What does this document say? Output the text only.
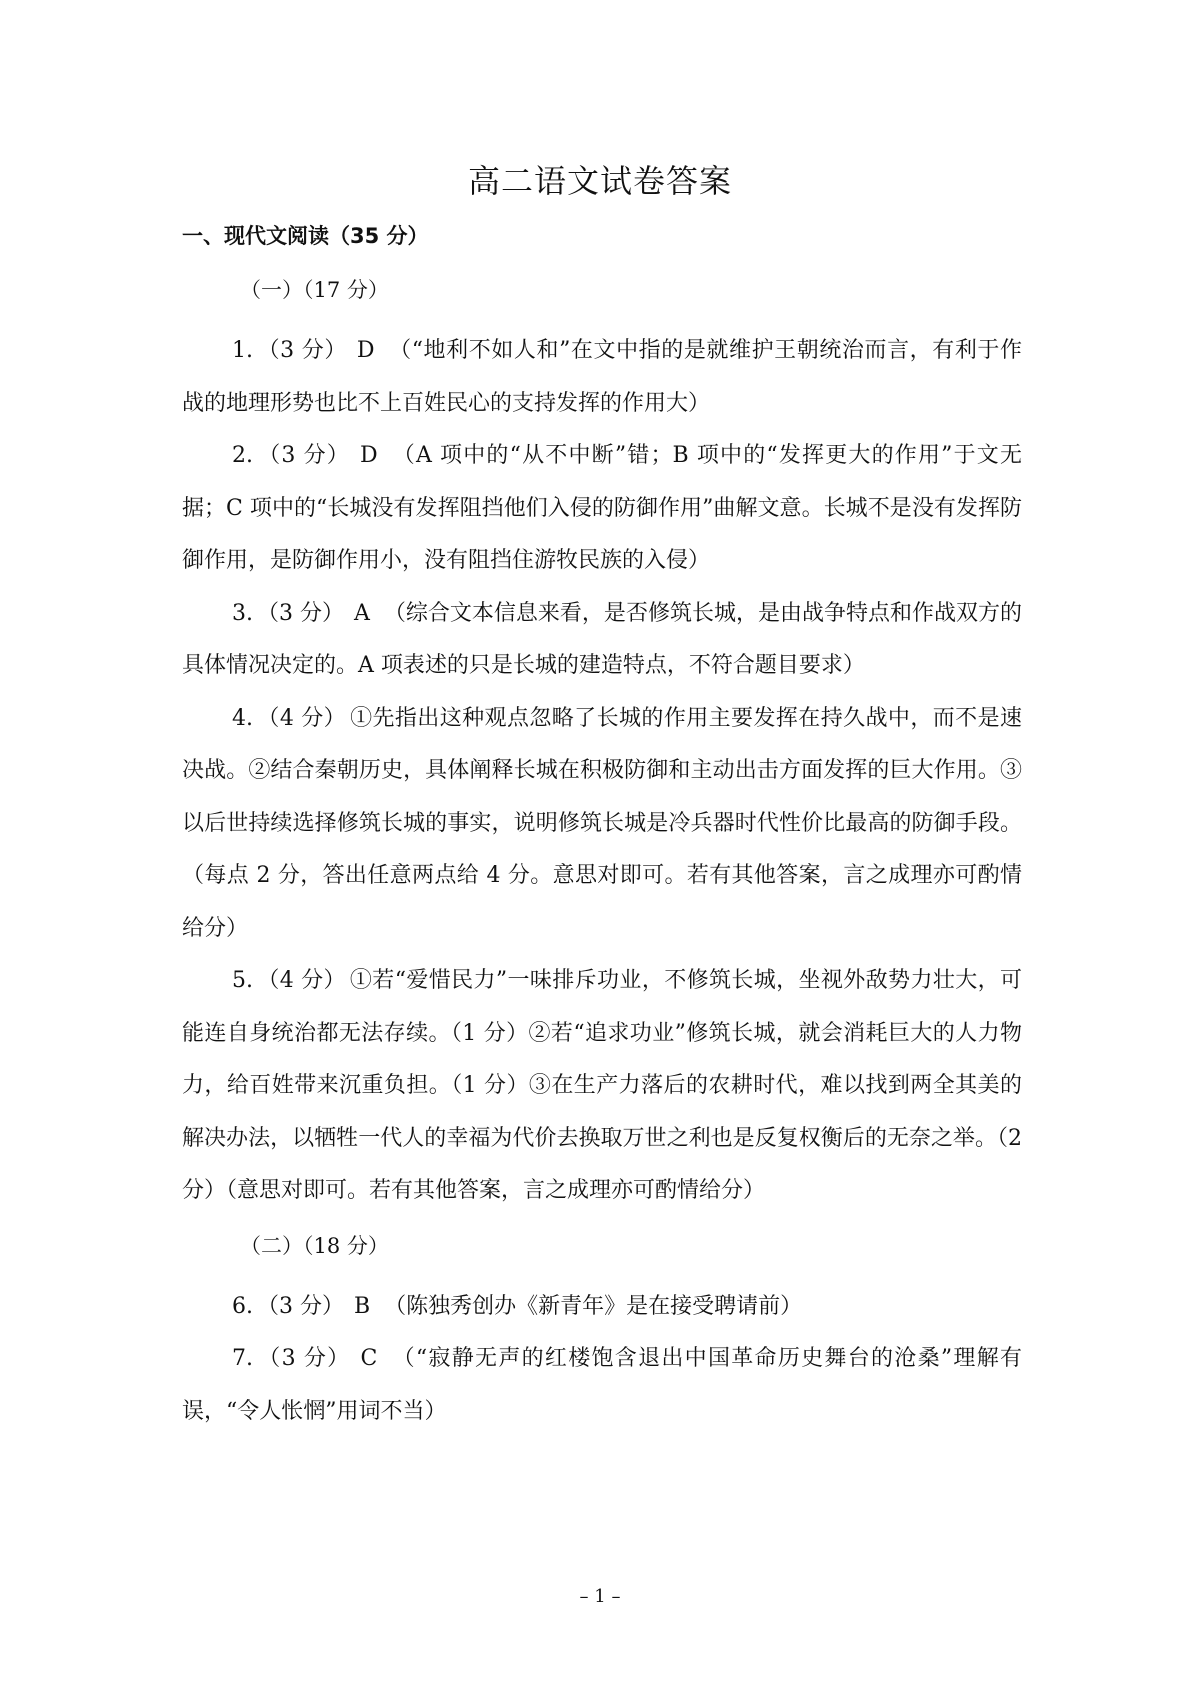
高二语文试卷答案
一、现代文阅读（35 分）
（一）（17 分）

1. （3 分） D （“地利不如人和”在文中指的是就维护王朝统治而言，有利于作战的地理形势也比不上百姓民心的支持发挥的作用大）

2. （3 分） D （A 项中的“从不中断”错；B 项中的“发挥更大的作用”于文无据；C 项中的“长城没有发挥阻挡他们入侵的防御作用”曲解文意。长城不是没有发挥防御作用，是防御作用小，没有阻挡住游牧民族的入侵）

3. （3 分） A （综合文本信息来看，是否修筑长城，是由战争特点和作战双方的具体情况决定的。A 项表述的只是长城的建造特点，不符合题目要求）

4. （4 分） ①先指出这种观点忽略了长城的作用主要发挥在持久战中，而不是速决战。②结合秦朝历史，具体阐释长城在积极防御和主动出击方面发挥的巨大作用。③以后世持续选择修筑长城的事实，说明修筑长城是冷兵器时代性价比最高的防御手段。（每点 2 分，答出任意两点给 4 分。意思对即可。若有其他答案，言之成理亦可酌情给分）

5. （4 分） ①若“爱惜民力”一味排斥功业，不修筑长城，坐视外敌势力壮大，可能连自身统治都无法存续。（1 分）②若“追求功业”修筑长城，就会消耗巨大的人力物力，给百姓带来沉重负担。（1 分）③在生产力落后的农耕时代，难以找到两全其美的解决办法，以牺牲一代人的幸福为代价去换取万世之利也是反复权衡后的无奈之举。（2 分）（意思对即可。若有其他答案，言之成理亦可酌情给分）

（二）（18 分）

6. （3 分） B （陈独秀创办《新青年》是在接受聘请前）

7. （3 分） C （“寂静无声的红楼饱含退出中国革命历史舞台的沧桑”理解有误，“令人怅惘”用词不当）

– 1 –
